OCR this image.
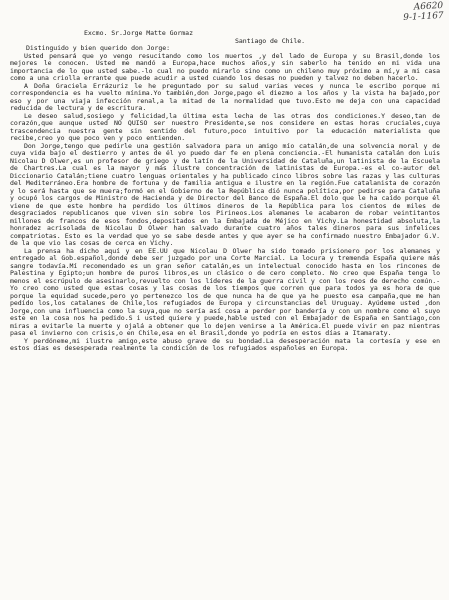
A6620
9-1-1167

Excmo. Sr.Jorge Matte Gormaz

Santiago de Chile.

Distinguido y bien querido don Jorge:

Usted pensará que yo vengo resucitando como los muertos ,y del lado de Europa y su Brasil,donde los mejores le conocen. Usted me mandó a Europa,hace muchos años,y sin saberlo ha tenido en mi vida una importancia de lo que usted sabe.-lo cual no puedo mirarlo sino como un chileno muy próximo a mí,y a mi casa como a una criolla errante que puede acudir a usted cuando los desas no pueden y talvez no deben hacerlo.

A Doña Graciela Errázuriz le he preguntado por su salud varias veces y nunca le escribo porque mi correspondencia es ha vuelto mínima.Yo también,don Jorge,pago el diezmo a los años y la vista ha bajado,por eso y por una viaja infección renal,a la mitad de la normalidad que tuvo.Esto me deja con una capacidad reducida de lectura y de escritura.

Le deseo salud,sosiego y felicidad,la última esta lecha de las otras dos condiciones.Y deseo,tan de corazón,que aunque usted NO QUISO ser nuestro Presidente,se nos considere en estas horas cruciales,cuya trascendencia nuestra gente sin sentido del futuro,poco intuitivo por la educación materialista que recibe,creo yo que poco ven y poco entienden.

Don Jorge,tengo que pedirle una gestión salvadora para un amigo mío catalán,de una solvencia moral y de cuya vida bajo el destierro y antes de él yo puedo dar fe en plena conciencia.-El humanista catalán don Luis Nicolau D Olwer,es un profesor de griego y de latín de la Universidad de Cataluña,un latinista de la Escuela de Chartres.La cual es la mayor y más ilustre concentración de latinistas de Europa.-es el co-autor del Diccionario Catalán;tiene cuatro lenguas orientales y ha publicado cinco libros sobre las razas y las culturas del Mediterráneo.Era hombre de fortuna y de familia antigua e ilustre en la región.Fue catalanista de corazón y lo será hasta que se muera;formó en el Gobierno de la República dió nunca política,por pedirse para Cataluña y ocupó los cargos de Ministro de Hacienda y de Director del Banco de España.El dolo que le ha caído porque él viene de que este hombre ha perdido los últimos dineros de la República para los cientos de miles de desgraciados republicanos que viven sin sobre los Pirineos.Los alemanes le acabaron de robar veintitantos millones de francos de esos fondos,depositados en la Embajada de Méjico en Vichy.La honestidad absoluta,la honradez acrisolada de Nicolau D Olwer han salvado durante cuatro años tales dineros para sus infelices compatriotas. Esto es la verdad que yo se sabe desde antes y que ayer se ha confirmado nuestro Embajador G.V. de la que vio las cosas de cerca en Vichy.

La prensa ha dicho aquí y en EE.UU que Nicolau D Olwer ha sido tomado prisionero por los alemanes y entregado al Gob.español,donde debe ser juzgado por una Corte Marcial. La locura y tremenda España quiere más sangre todavía.Mí recomendado es un gran señor catalán,es un intelectual conocido hasta en los rincones de Palestina y Egipto;un hombre de puros libros,es un clásico o de cero completo. No creo que España tenga lo menos el escrúpulo de asesinarlo,revuelto con los líderes de la guerra civil y con los reos de derecho común.-Yo creo como usted que estas cosas y las cosas de los tiempos que corren que para todos ya es hora de que porque la equidad sucede,pero yo pertenezco los de que nunca ha de que ya he puesto esa campaña,que me han pedido los,los catalanes de Chile,los refugiados de Europa y circunstancias del Uruguay. Ayúdeme usted ,don Jorge,con una influencia como la suya,que no sería así cosa a perder por bandería y con un nombre como el suyo este en la cosa nos ha pedido.S i usted quiere y puede,hable usted con el Embajador de España en Santiago,con miras a evitarle la muerte y ojalá a obtener que lo dejen venirse a la América.El puede vivir en paz mientras pasa el invierno con crisis,o en Chile,esa en el Brasil,donde yo podría en estos días a Itamaraty.

Y perdóneme,mi ilustre amigo,este abuso grave de su bondad.La desesperación mata la cortesía y ese en estos días es desesperada realmente la condición de los refugiados españoles en Europa.
